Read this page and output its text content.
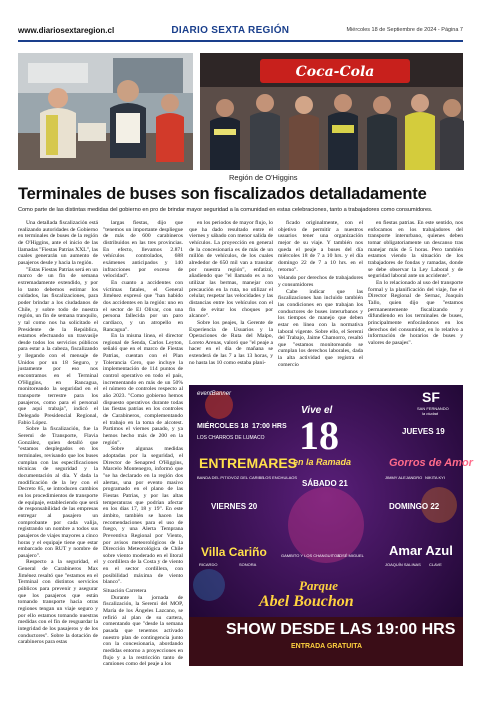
www.diariosextaregion.cl	DIARIO SEXTA REGIÓN	Miércoles 18 de Septiembre de 2024 - Página 7
Coca-Cola
Región de O'Higgins
Terminales de buses son fiscalizados detalladamente
Como parte de las distintas medidas del gobierno en pro de brindar mayor seguridad a la comunidad en estas celebraciones, tanto a trabajadores como consumidores.

Una detallada fiscalización está realizando autoridades de Gobierno en terminales de buses de la región de O'Higgins, ante el inicio de las llamadas "Fiestas Patrias XXL", las cuales generarán un aumento de pasajeros desde y hacia la región.

"Estas Fiestas Patrias será en un marco de un fin de semana extremadamente extendido, y por lo tanto debemos estimar los cuidados, las fiscalizaciones, para poder brindar a los ciudadanos de Chile, y sobre todo de nuestra región, un fin de semana tranquilo, y tal como nos ha solicitado el Presidente de la República, estamos efectuando un trasvasije desde todos los servicios públicos para estar a la cabeza, fiscalizando y llegando con el mensaje de Unidos por un 18 Seguro, y justamente por eso nos encontramos en el Terminal O'Higgins, en Rancagua, monitoreando la seguridad en el transporte terrestre para los pasajeros, como para el personal que aquí trabaja", indicó el Delegado Presidencial Regional, Fabio López.

Sobre la fiscalización, fue la Seremi de Transporte, Flavia González, quien detalló que "estamos desplegados en los terminales, revisando que los buses cumplan con las especificaciones técnicas de seguridad y la documentación al día. Y dada la modificación de la ley con el Decreto 85, se introducen cambios en los procedimientos de transporte de equipaje, estableciendo que será de responsabilidad de las empresas entregar al pasajero un comprobante por cada valija, registrando un nombre a todos sus pasajeros de viajes mayores a cinco horas y el equipaje tiene que estar embarcado con RUT y nombre de pasajero".

Respecto a la seguridad, el General de Carabineros Max Jiménez resaltó que "estamos en el Terminal con distintos servicios públicos para prevenir y asegurar que los pasajeros que están tomando transporte hacia otras regiones tengan un viaje seguro y por ello estamos tomando nuestras medidas con el fin de resguardar la integridad de los pasajeros y de los conductores". Sobre la dotación de carabineros para estas

largas fiestas, dijo que "tenemos un importante despliegue de más de 600 carabineros distribuidos en las tres provincias. En efecto, llevamos 2.871 vehículos controlados, 688 exámenes anticipados y 140 infracciones por exceso de velocidad".

En cuanto a accidentes con víctimas fatales, el General Jiménez expresó que "han habido dos accidentes en la región: uno en el sector de El Olivar, con una persona fallecida por un paro cardíaco, y un atropello en Rancagua".

En la misma línea, el director regional de Senda, Carlos Leyton, señaló que en el marco de Fiestas Patrias, cuentan con el Plan Tolerancia Cero, que incluye la implementación de 114 puntos de control operativo en todo el país, incrementando en más de un 50% el número de controles respecto al año 2023. "Como gobierno hemos dispuesto operativos durante todas las fiestas patrias en los controles de Carabineros, complementando el trabajo en la toma de alcotest. Partimos el viernes pasado, y ya hemos hecho más de 200 en la región".

Sobre algunas medidas adoptadas por la seguridad, el Director de Senapred O'Higgins, Marcelo Montenegro, informó que "se ha declarado en la región dos alertas, una por evento masivo programado en el plano de las Fiestas Patrias, y por las altas temperaturas que podrían afectar en los días 17, 18 y 19". En este ámbito, también se hacen las recomendaciones para el uso de fuego, y una Alerta Temprana Preventiva Regional por Viento, por avisos meteorológicos de la Dirección Meteorológica de Chile sobre viento moderado en el litoral y cordillera de la Costa y de viento en el sector cordillera, con posibilidad máxima de viento blanco".

Situación Carretera

Durante la jornada de fiscalización, la Seremi del MOP, María de los Ángeles Lazcano, se refirió al plan de su cartera, comentando que "desde la semana pasada que tenemos activado nuestro plan de contingencia junto con la concesionaria, abordando medidas entorno a proyecciones en flujo y a la restricción tanto de camiones como del peaje a los

en los periodos de mayor flujo, lo que ha dado resultado entre el viernes y sábado con menor salida de vehículos. La proyección en general de la concesionaria es de más de un millón de vehículos, de los cuales alrededor de 650 mil van a transitar por nuestra región", enfatizó, añadiendo que "el llamado es a no utilizar las bermas, manejar con precaución en la ruta, no utilizar el celular, respetar las velocidades y las distancias entre los vehículos con el fin de evitar los choques por alcance".

Sobre los peajes, la Gerente de Experiencia de Usuarios y la Operaciones de Ruta del Maipo, Loreto Arenas, valoró que "el peaje a hacer en el día de mañana se extenderá de las 7 a las 13 horas, y no hasta las 10 como estaba plani-

ficado originalmente, con el objetivo de permitir a nuestros usuarios tener una organización mejor de su viaje. Y también nos queda el peaje a buses del día miércoles 18 de 7 a 10 hrs. y el día domingo 22 de 7 a 10 hrs. en el retorno".

Velando por derechos de trabajadores y consumidores

Cabe indicar que las fiscalizaciones han incluido también las condiciones en que trabajan los conductores de buses interurbanos y los tiempos de manejo que deben estar en línea con la normativa laboral vigente. Sobre ello, el Seremi del Trabajo, Jaime Chamorro, resaltó que "estamos monitoreando se cumplan los derechos laborales, dada la alta actividad que registra el comercio

en fiestas patrias. En este sentido, nos enfocamos en los trabajadores del transporte interurbano, quienes deben tomar obligatoriamente un descanso tras manejar más de 5 horas. Pero también estamos viendo la situación de los trabajadores de fondas y ramadas, donde se debe observar la Ley Laboral y de seguridad laboral ante un accidente".

En lo relacionado al uso del transporte formal y la planificación del viaje, fue el Director Regional de Sernac, Joaquín Tallo, quien dijo que "estamos permanentemente fiscalizando y difundiendo en los terminales de buses, principalmente enfocándonos en los derechos del consumidor, en lo relativo a información de horarios de buses y valores de pasajes".

eventBanner	SF
SAN FERNANDO
la ciudad
Vive el
18
en la Ramada
MIÉRCOLES 18 17:00 HRS
LOS CHARROS DE LUMACO
ENTREMARES
BANDA DEL PITIO VOZ DEL CARIBE LOS ENCHULAOS
JUEVES 19
Gorros de Amor
JIMMY ALEJANDRO NIKITA KYI
SÁBADO 21
VIERNES 20
Villa Cariño
RICARDO	SONORA
DOMINGO 22
Amar Azul
JOAQUÍN SALINAS CLAVE
GAMBITO Y LOS CHANGUITOS
JOSÉ MIGUEL
Parque
Abel Bouchon
SHOW DESDE LAS 19:00 HRS
ENTRADA GRATUITA
